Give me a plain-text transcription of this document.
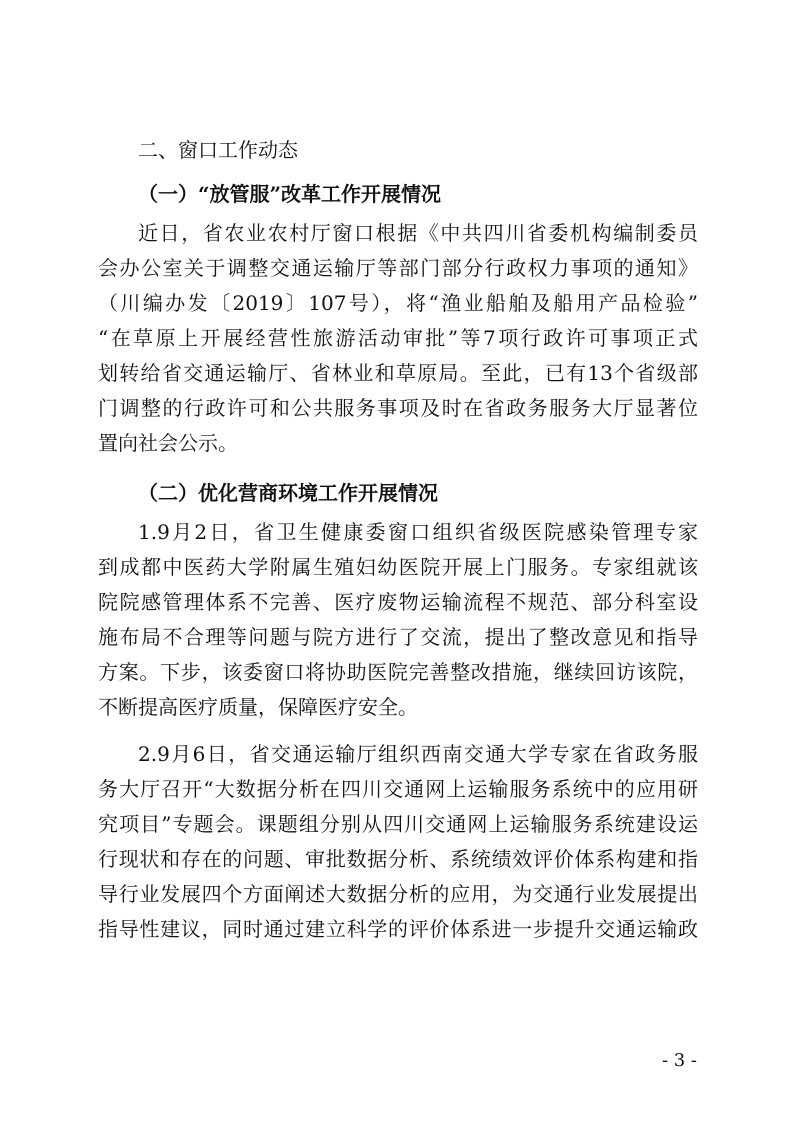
二、窗口工作动态
（一）“放管服”改革工作开展情况
近日，省农业农村厅窗口根据《中共四川省委机构编制委员
会办公室关于调整交通运输厅等部门部分行政权力事项的通知》
（川编办发〔2019〕107号），将“渔业船舶及船用产品检验”
“在草原上开展经营性旅游活动审批”等7项行政许可事项正式
划转给省交通运输厅、省林业和草原局。至此，已有13个省级部
门调整的行政许可和公共服务事项及时在省政务服务大厅显著位
置向社会公示。
（二）优化营商环境工作开展情况
1.9月2日，省卫生健康委窗口组织省级医院感染管理专家
到成都中医药大学附属生殖妇幼医院开展上门服务。专家组就该
院院感管理体系不完善、医疗废物运输流程不规范、部分科室设
施布局不合理等问题与院方进行了交流，提出了整改意见和指导
方案。下步，该委窗口将协助医院完善整改措施，继续回访该院，
不断提高医疗质量，保障医疗安全。
2.9月6日，省交通运输厅组织西南交通大学专家在省政务服
务大厅召开“大数据分析在四川交通网上运输服务系统中的应用研
究项目”专题会。课题组分别从四川交通网上运输服务系统建设运
行现状和存在的问题、审批数据分析、系统绩效评价体系构建和指
导行业发展四个方面阐述大数据分析的应用，为交通行业发展提出
指导性建议，同时通过建立科学的评价体系进一步提升交通运输政
- 3 -
